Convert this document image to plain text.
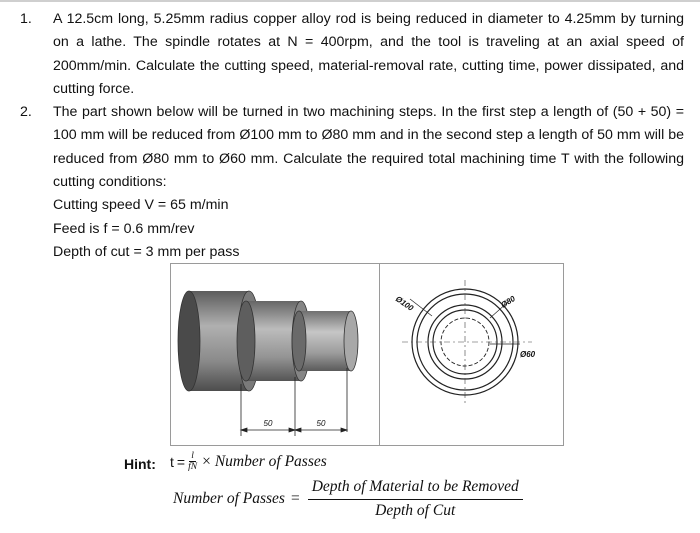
1.	A 12.5cm long, 5.25mm radius copper alloy rod is being reduced in diameter to 4.25mm by turning on a lathe. The spindle rotates at N = 400rpm, and the tool is traveling at an axial speed of 200mm/min. Calculate the cutting speed, material-removal rate, cutting time, power dissipated, and cutting force.
2.	The part shown below will be turned in two machining steps. In the first step a length of (50 + 50) = 100 mm will be reduced from Ø100 mm to Ø80 mm and in the second step a length of 50 mm will be reduced from Ø80 mm to Ø60 mm. Calculate the required total machining time T with the following cutting conditions:
Cutting speed V = 65 m/min
Feed is f = 0.6 mm/rev
Depth of cut = 3 mm per pass
50	50
Ø100	Ø80
Ø60
Hint: $t = \frac{l}{fN}$ × Number of Passes
Number of Passes = $\frac{\text{Depth of Material to be Removed}}{\text{Depth of Cut}}$
